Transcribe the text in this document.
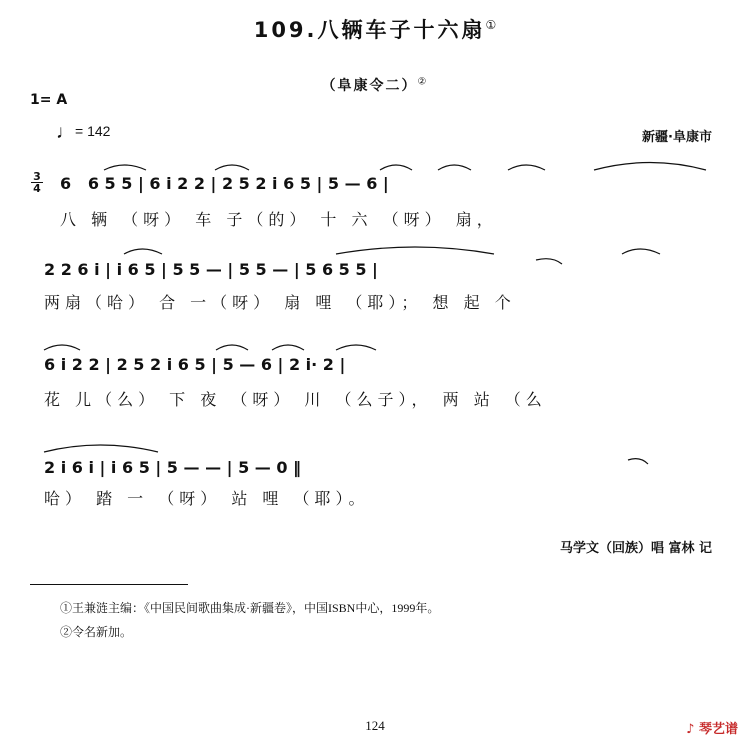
109.八辆车子十六扇①
（阜康令二）②
1= A
♩= 142	新疆·阜康市
3
4 6   6 5 5 | 6 i 2 2 | 2 5 2 i 6 5 | 5 — 6 |
八 辆 （呀） 车 子（的） 十 六 （呀） 扇，
2 2 6 i | i 6 5 | 5 5 — | 5 5 — | 5 6 5 5 |
两扇（哈） 合 一（呀） 扇 哩 （耶）； 想 起 个
6 i 2 2 | 2 5 2 i 6 5 | 5 — 6 | 2 i· 2 |
花 儿（么） 下 夜 （呀） 川 （么子）， 两 站 （么
2 i 6 i | i 6 5 | 5 — — | 5 — 0 ‖
哈） 踏 一 （呀） 站 哩 （耶）。
马学文（回族）唱 富林 记
①王兼涟主编：《中国民间歌曲集成·新疆卷》，中国ISBN中心，1999年。
②令名新加。
124	♪ 琴艺谱
